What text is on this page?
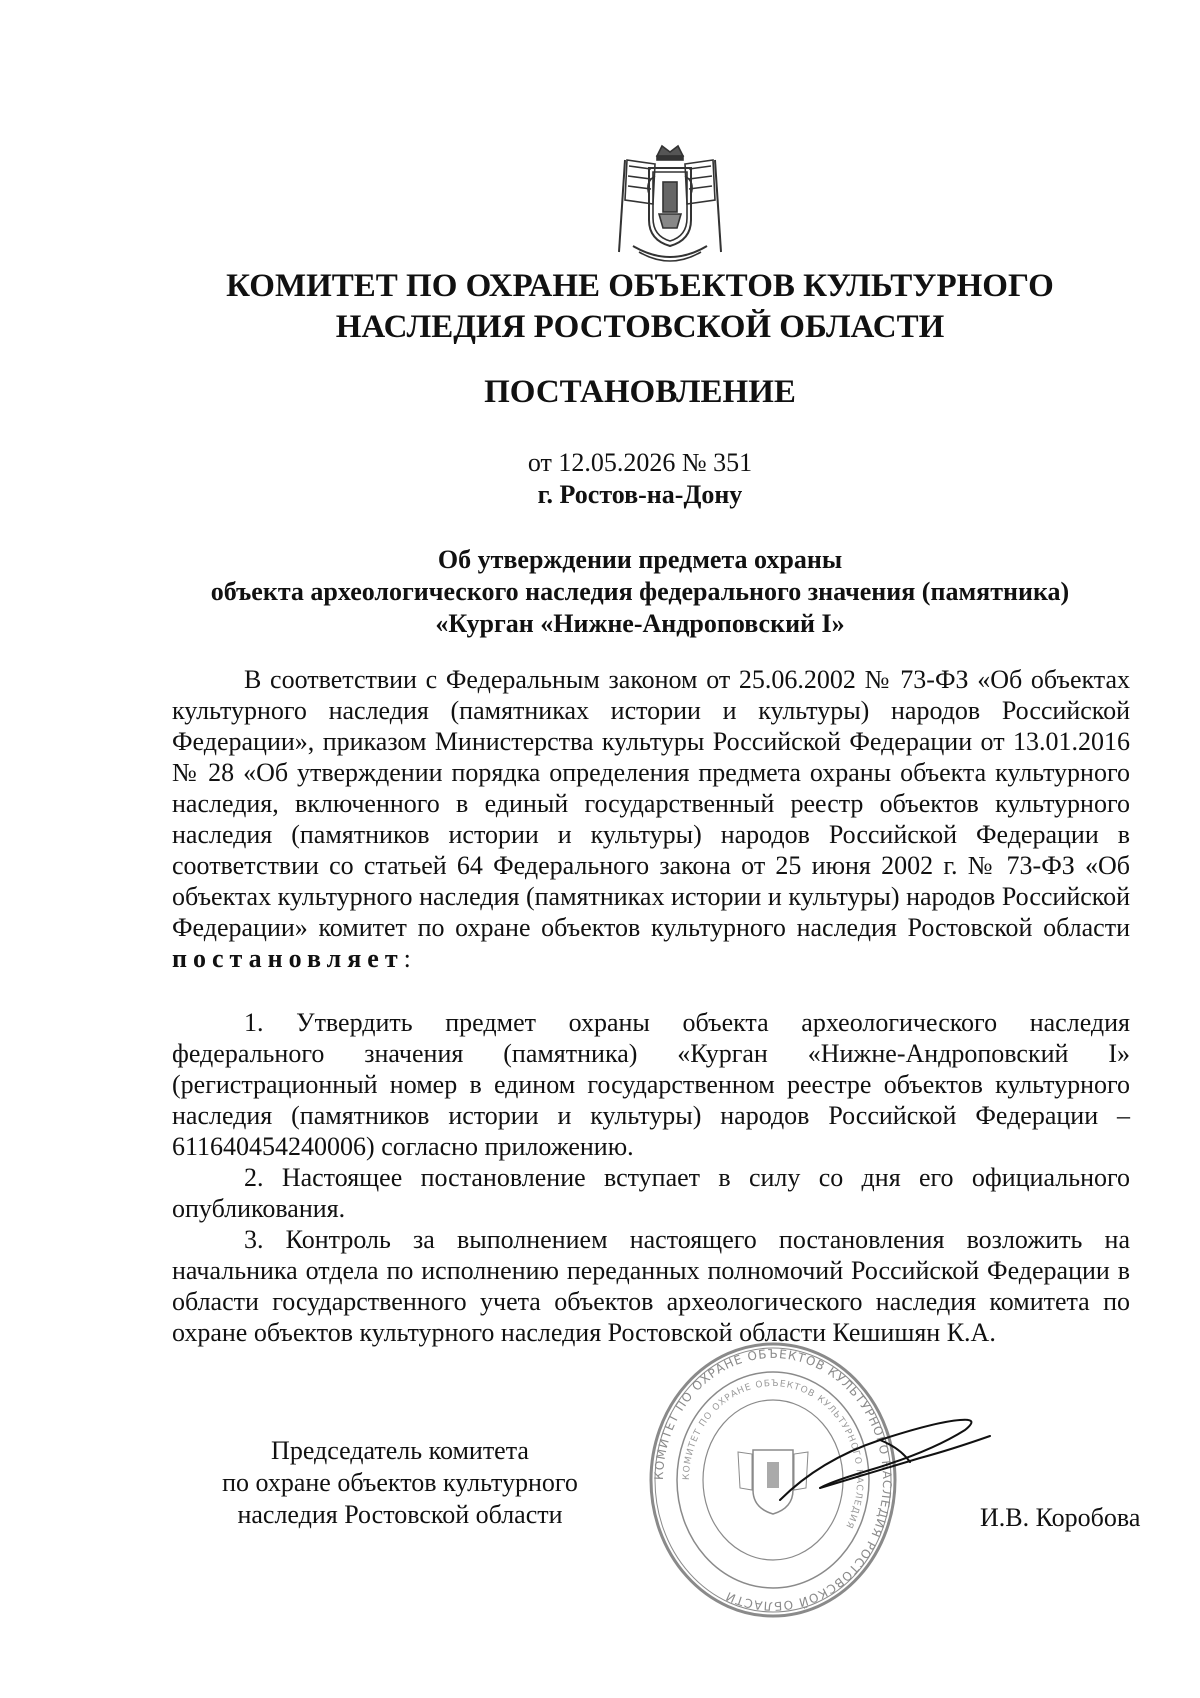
КОМИТЕТ ПО ОХРАНЕ ОБЪЕКТОВ КУЛЬТУРНОГО
НАСЛЕДИЯ РОСТОВСКОЙ ОБЛАСТИ
ПОСТАНОВЛЕНИЕ
от 12.05.2026 № 351
г. Ростов-на-Дону
Об утверждении предмета охраны
объекта археологического наследия федерального значения (памятника)
«Курган «Нижне-Андроповский I»

В соответствии с Федеральным законом от 25.06.2002 № 73-ФЗ «Об объектах культурного наследия (памятниках истории и культуры) народов Российской Федерации», приказом Министерства культуры Российской Федерации от 13.01.2016 № 28 «Об утверждении порядка определения предмета охраны объекта культурного наследия, включенного в единый государственный реестр объектов культурного наследия (памятников истории и культуры) народов Российской Федерации в соответствии со статьей 64 Федерального закона от 25 июня 2002 г. № 73-ФЗ «Об объектах культурного наследия (памятниках истории и культуры) народов Российской Федерации» комитет по охране объектов культурного наследия Ростовской области постановляет:

1. Утвердить предмет охраны объекта археологического наследия федерального значения (памятника) «Курган «Нижне-Андроповский I» (регистрационный номер в едином государственном реестре объектов культурного наследия (памятников истории и культуры) народов Российской Федерации – 611640454240006) согласно приложению.

2. Настоящее постановление вступает в силу со дня его официального опубликования.

3. Контроль за выполнением настоящего постановления возложить на начальника отдела по исполнению переданных полномочий Российской Федерации в области государственного учета объектов археологического наследия комитета по охране объектов культурного наследия Ростовской области Кешишян К.А.

Председатель комитета
по охране объектов культурного
наследия Ростовской области
КОМИТЕТ ПО ОХРАНЕ ОБЪЕКТОВ КУЛЬТУРНОГО НАСЛЕДИЯ РОСТОВСКОЙ ОБЛАСТИ
КОМИТЕТ ПО ОХРАНЕ ОБЪЕКТОВ КУЛЬТУРНОГО НАСЛЕДИЯ	И.В. Коробова
